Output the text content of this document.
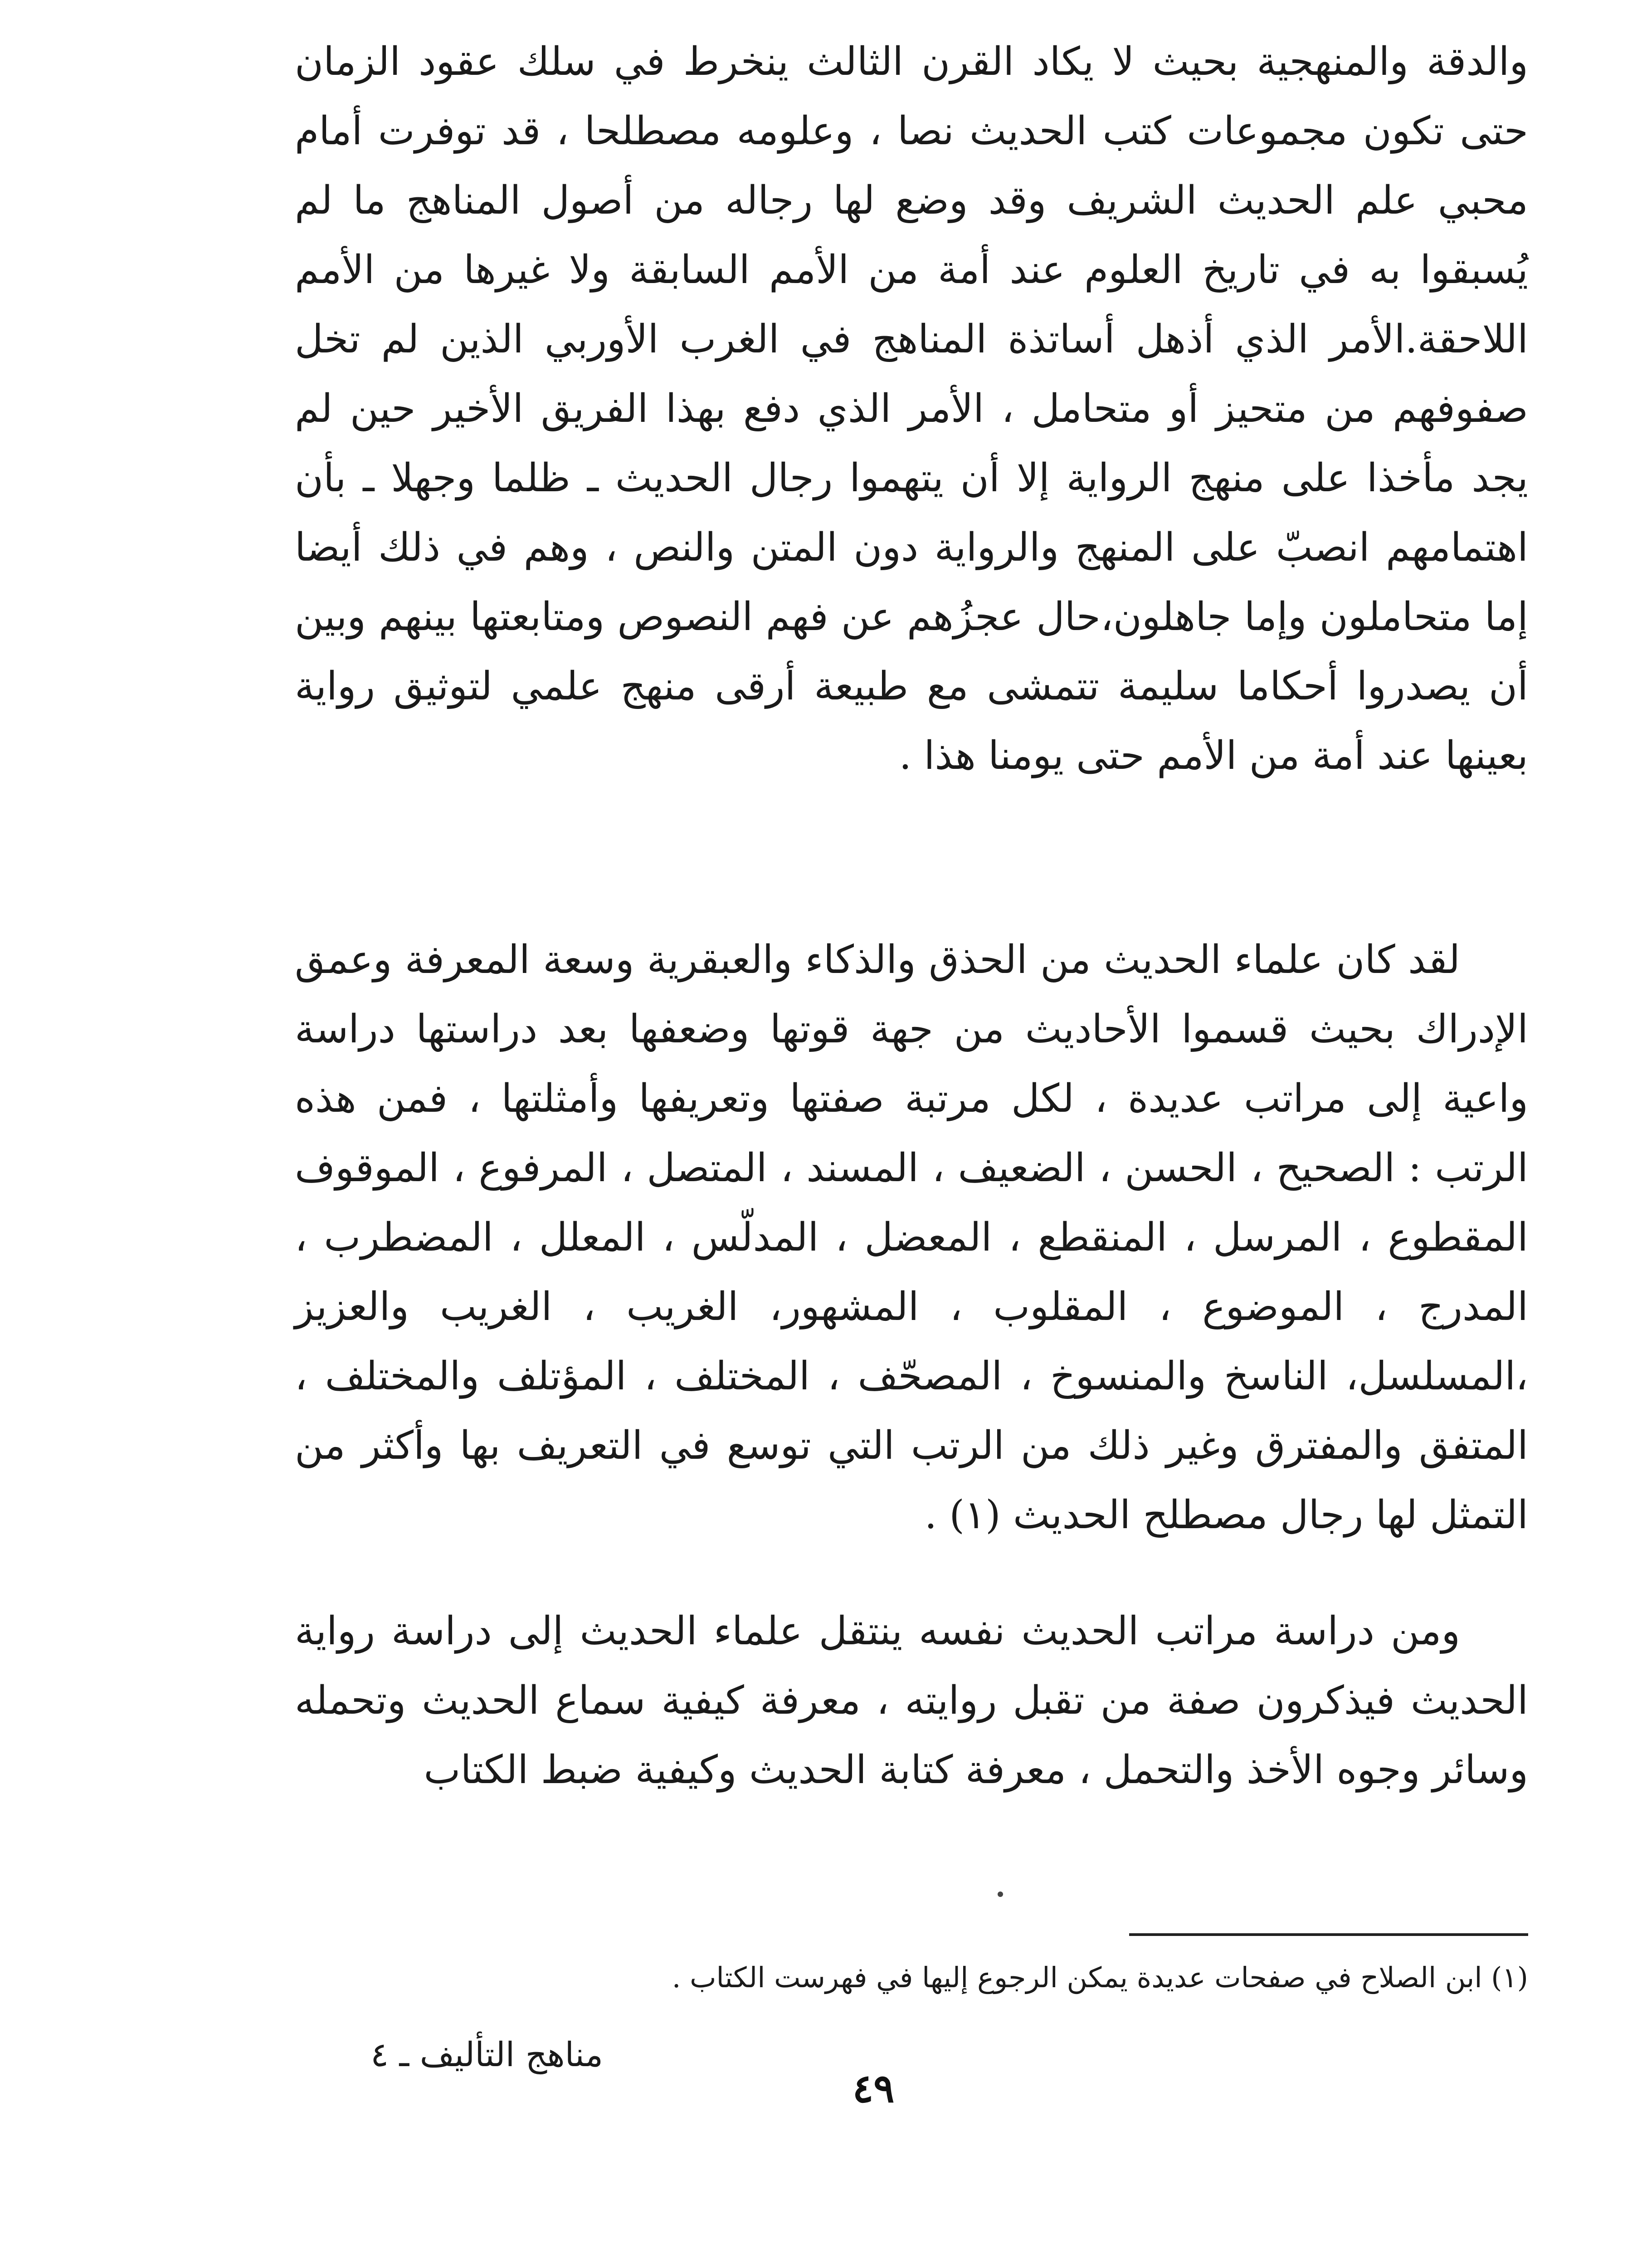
والدقة والمنهجية بحيث لا يكاد القرن الثالث ينخرط في سلك عقود الزمان حتى تكون مجموعات كتب الحديث نصا ، وعلومه مصطلحا ، قد توفرت أمام محبي علم الحديث الشريف وقد وضع لها رجاله من أصول المناهج ما لم يُسبقوا به في تاريخ العلوم عند أمة من الأمم السابقة ولا غيرها من الأمم اللاحقة.الأمر الذي أذهل أساتذة المناهج في الغرب الأوربي الذين لم تخل صفوفهم من متحيز أو متحامل ، الأمر الذي دفع بهذا الفريق الأخير حين لم يجد مأخذا على منهج الرواية إلا أن يتهموا رجال الحديث ـ ظلما وجهلا ـ بأن اهتمامهم انصبّ على المنهج والرواية دون المتن والنص ، وهم في ذلك أيضا إما متحاملون وإما جاهلون،حال عجزُهم عن فهم النصوص ومتابعتها بينهم وبين أن يصدروا أحكاما سليمة تتمشى مع طبيعة أرقى منهج علمي لتوثيق رواية بعينها عند أمة من الأمم حتى يومنا هذا .

لقد كان علماء الحديث من الحذق والذكاء والعبقرية وسعة المعرفة وعمق الإدراك بحيث قسموا الأحاديث من جهة قوتها وضعفها بعد دراستها دراسة واعية إلى مراتب عديدة ، لكل مرتبة صفتها وتعريفها وأمثلتها ، فمن هذه الرتب : الصحيح ، الحسن ، الضعيف ، المسند ، المتصل ، المرفوع ، الموقوف المقطوع ، المرسل ، المنقطع ، المعضل ، المدلّس ، المعلل ، المضطرب ، المدرج ، الموضوع ، المقلوب ، المشهور، الغريب ، الغريب والعزيز ،المسلسل، الناسخ والمنسوخ ، المصحّف ، المختلف ، المؤتلف والمختلف ، المتفق والمفترق وغير ذلك من الرتب التي توسع في التعريف بها وأكثر من التمثل لها رجال مصطلح الحديث (١) .

ومن دراسة مراتب الحديث نفسه ينتقل علماء الحديث إلى دراسة رواية الحديث فيذكرون صفة من تقبل روايته ، معرفة كيفية سماع الحديث وتحمله وسائر وجوه الأخذ والتحمل ، معرفة كتابة الحديث وكيفية ضبط الكتاب

(١) ابن الصلاح في صفحات عديدة يمكن الرجوع إليها في فهرست الكتاب .
مناهج التأليف ـ ٤
٤٩
